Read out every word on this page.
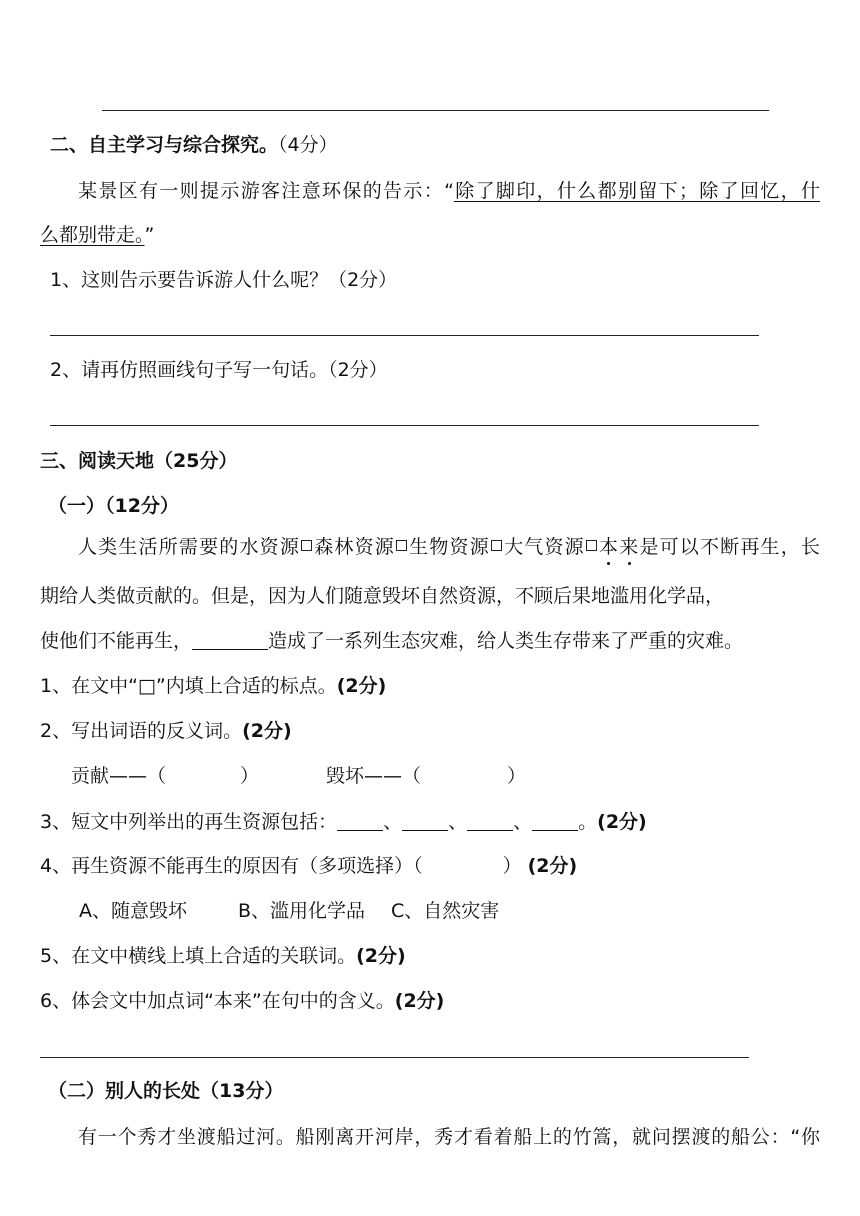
二、自主学习与综合探究。（4分）
某景区有一则提示游客注意环保的告示：“除了脚印，什么都别留下；除了回忆，什
么都别带走。”
1、这则告示要告诉游人什么呢？（2分）
2、请再仿照画线句子写一句话。（2分）
三、阅读天地（25分）
（一）（12分）
人类生活所需要的水资源 森林资源 生物资源 大气资源 本来是可以不断再生，长
期给人类做贡献的。但是，因为人们随意毁坏自然资源，不顾后果地滥用化学品，
使他们不能再生，	造成了一系列生态灾难，给人类生存带来了严重的灾难。
1、在文中“□”内填上合适的标点。(2分)
2、写出词语的反义词。(2分)
贡献——（	）	毁坏——（	）
3、短文中列举出的再生资源包括： 、 、 、 。(2分)
4、再生资源不能再生的原因有（多项选择）（	） (2分)
A、随意毁坏	B、滥用化学品 C、自然灾害
5、在文中横线上填上合适的关联词。(2分)
6、体会文中加点词“本来”在句中的含义。(2分)
（二）别人的长处（13分）
有一个秀才坐渡船过河。船刚离开河岸，秀才看着船上的竹篙，就问摆渡的船公：“你
